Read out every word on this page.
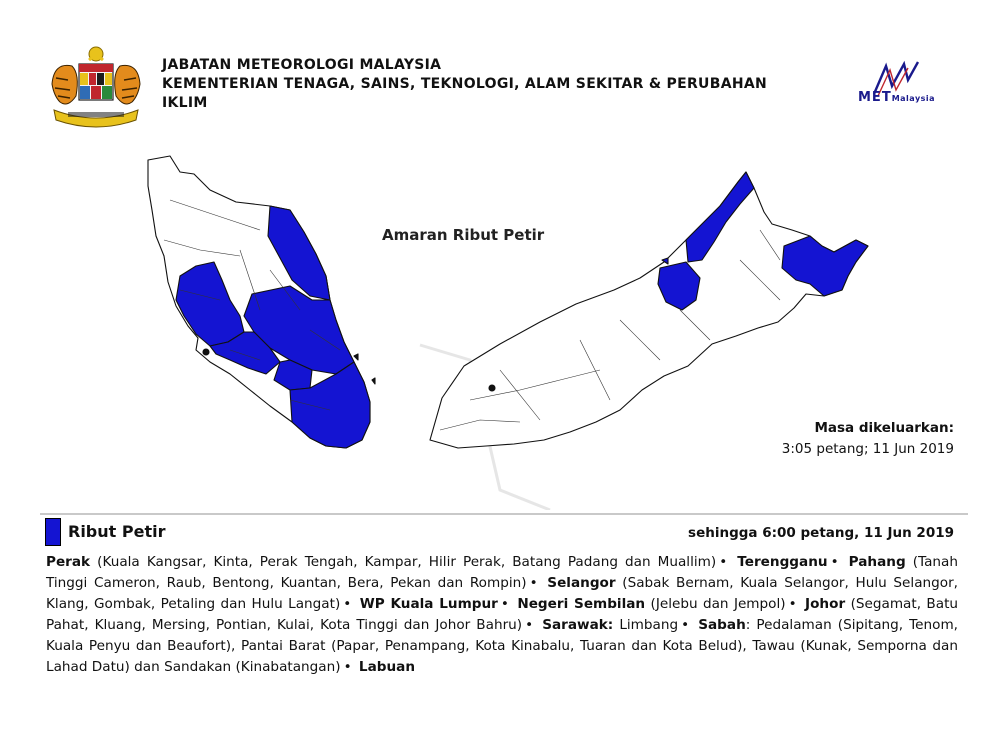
JABATAN METEOROLOGI MALAYSIA
KEMENTERIAN TENAGA, SAINS, TEKNOLOGI, ALAM SEKITAR & PERUBAHAN
IKLIM	METMalaysia
Amaran Ribut Petir
Masa dikeluarkan:
3:05 petang; 11 Jun 2019
Ribut Petir	sehingga 6:00 petang, 11 Jun 2019
Perak (Kuala Kangsar, Kinta, Perak Tengah, Kampar, Hilir Perak, Batang Padang dan Muallim) • Terengganu • Pahang (Tanah Tinggi Cameron, Raub, Bentong, Kuantan, Bera, Pekan dan Rompin) • Selangor (Sabak Bernam, Kuala Selangor, Hulu Selangor, Klang, Gombak, Petaling dan Hulu Langat) • WP Kuala Lumpur • Negeri Sembilan (Jelebu dan Jempol) • Johor (Segamat, Batu Pahat, Kluang, Mersing, Pontian, Kulai, Kota Tinggi dan Johor Bahru) • Sarawak: Limbang • Sabah: Pedalaman (Sipitang, Tenom, Kuala Penyu dan Beaufort), Pantai Barat (Papar, Penampang, Kota Kinabalu, Tuaran dan Kota Belud), Tawau (Kunak, Semporna dan Lahad Datu) dan Sandakan (Kinabatangan) • Labuan
